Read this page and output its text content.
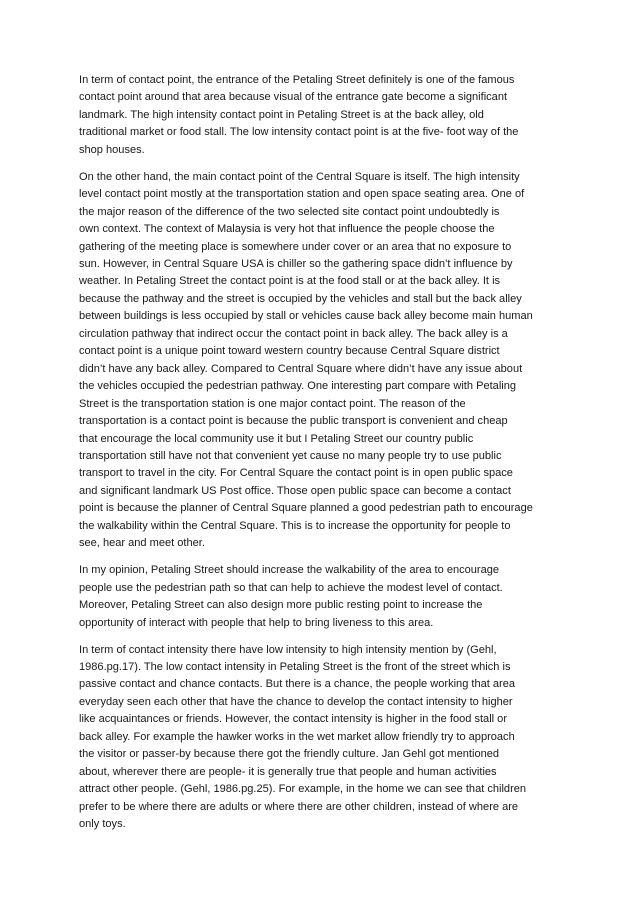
In term of contact point, the entrance of the Petaling Street definitely is one of the famous
contact point around that area because visual of the entrance gate become a significant
landmark. The high intensity contact point in Petaling Street is at the back alley, old
traditional market or food stall. The low intensity contact point is at the five- foot way of the
shop houses.

On the other hand, the main contact point of the Central Square is itself. The high intensity
level contact point mostly at the transportation station and open space seating area. One of
the major reason of the difference of the two selected site contact point undoubtedly is
own context. The context of Malaysia is very hot that influence the people choose the
gathering of the meeting place is somewhere under cover or an area that no exposure to
sun. However, in Central Square USA is chiller so the gathering space didn’t influence by
weather. In Petaling Street the contact point is at the food stall or at the back alley. It is
because the pathway and the street is occupied by the vehicles and stall but the back alley
between buildings is less occupied by stall or vehicles cause back alley become main human
circulation pathway that indirect occur the contact point in back alley. The back alley is a
contact point is a unique point toward western country because Central Square district
didn’t have any back alley. Compared to Central Square where didn’t have any issue about
the vehicles occupied the pedestrian pathway. One interesting part compare with Petaling
Street is the transportation station is one major contact point. The reason of the
transportation is a contact point is because the public transport is convenient and cheap
that encourage the local community use it but I Petaling Street our country public
transportation still have not that convenient yet cause no many people try to use public
transport to travel in the city. For Central Square the contact point is in open public space
and significant landmark US Post office. Those open public space can become a contact
point is because the planner of Central Square planned a good pedestrian path to encourage
the walkability within the Central Square. This is to increase the opportunity for people to
see, hear and meet other.

In my opinion, Petaling Street should increase the walkability of the area to encourage
people use the pedestrian path so that can help to achieve the modest level of contact.
Moreover, Petaling Street can also design more public resting point to increase the
opportunity of interact with people that help to bring liveness to this area.

In term of contact intensity there have low intensity to high intensity mention by (Gehl,
1986.pg.17). The low contact intensity in Petaling Street is the front of the street which is
passive contact and chance contacts. But there is a chance, the people working that area
everyday seen each other that have the chance to develop the contact intensity to higher
like acquaintances or friends. However, the contact intensity is higher in the food stall or
back alley. For example the hawker works in the wet market allow friendly try to approach
the visitor or passer-by because there got the friendly culture. Jan Gehl got mentioned
about, wherever there are people- it is generally true that people and human activities
attract other people. (Gehl, 1986.pg.25). For example, in the home we can see that children
prefer to be where there are adults or where there are other children, instead of where are
only toys.
